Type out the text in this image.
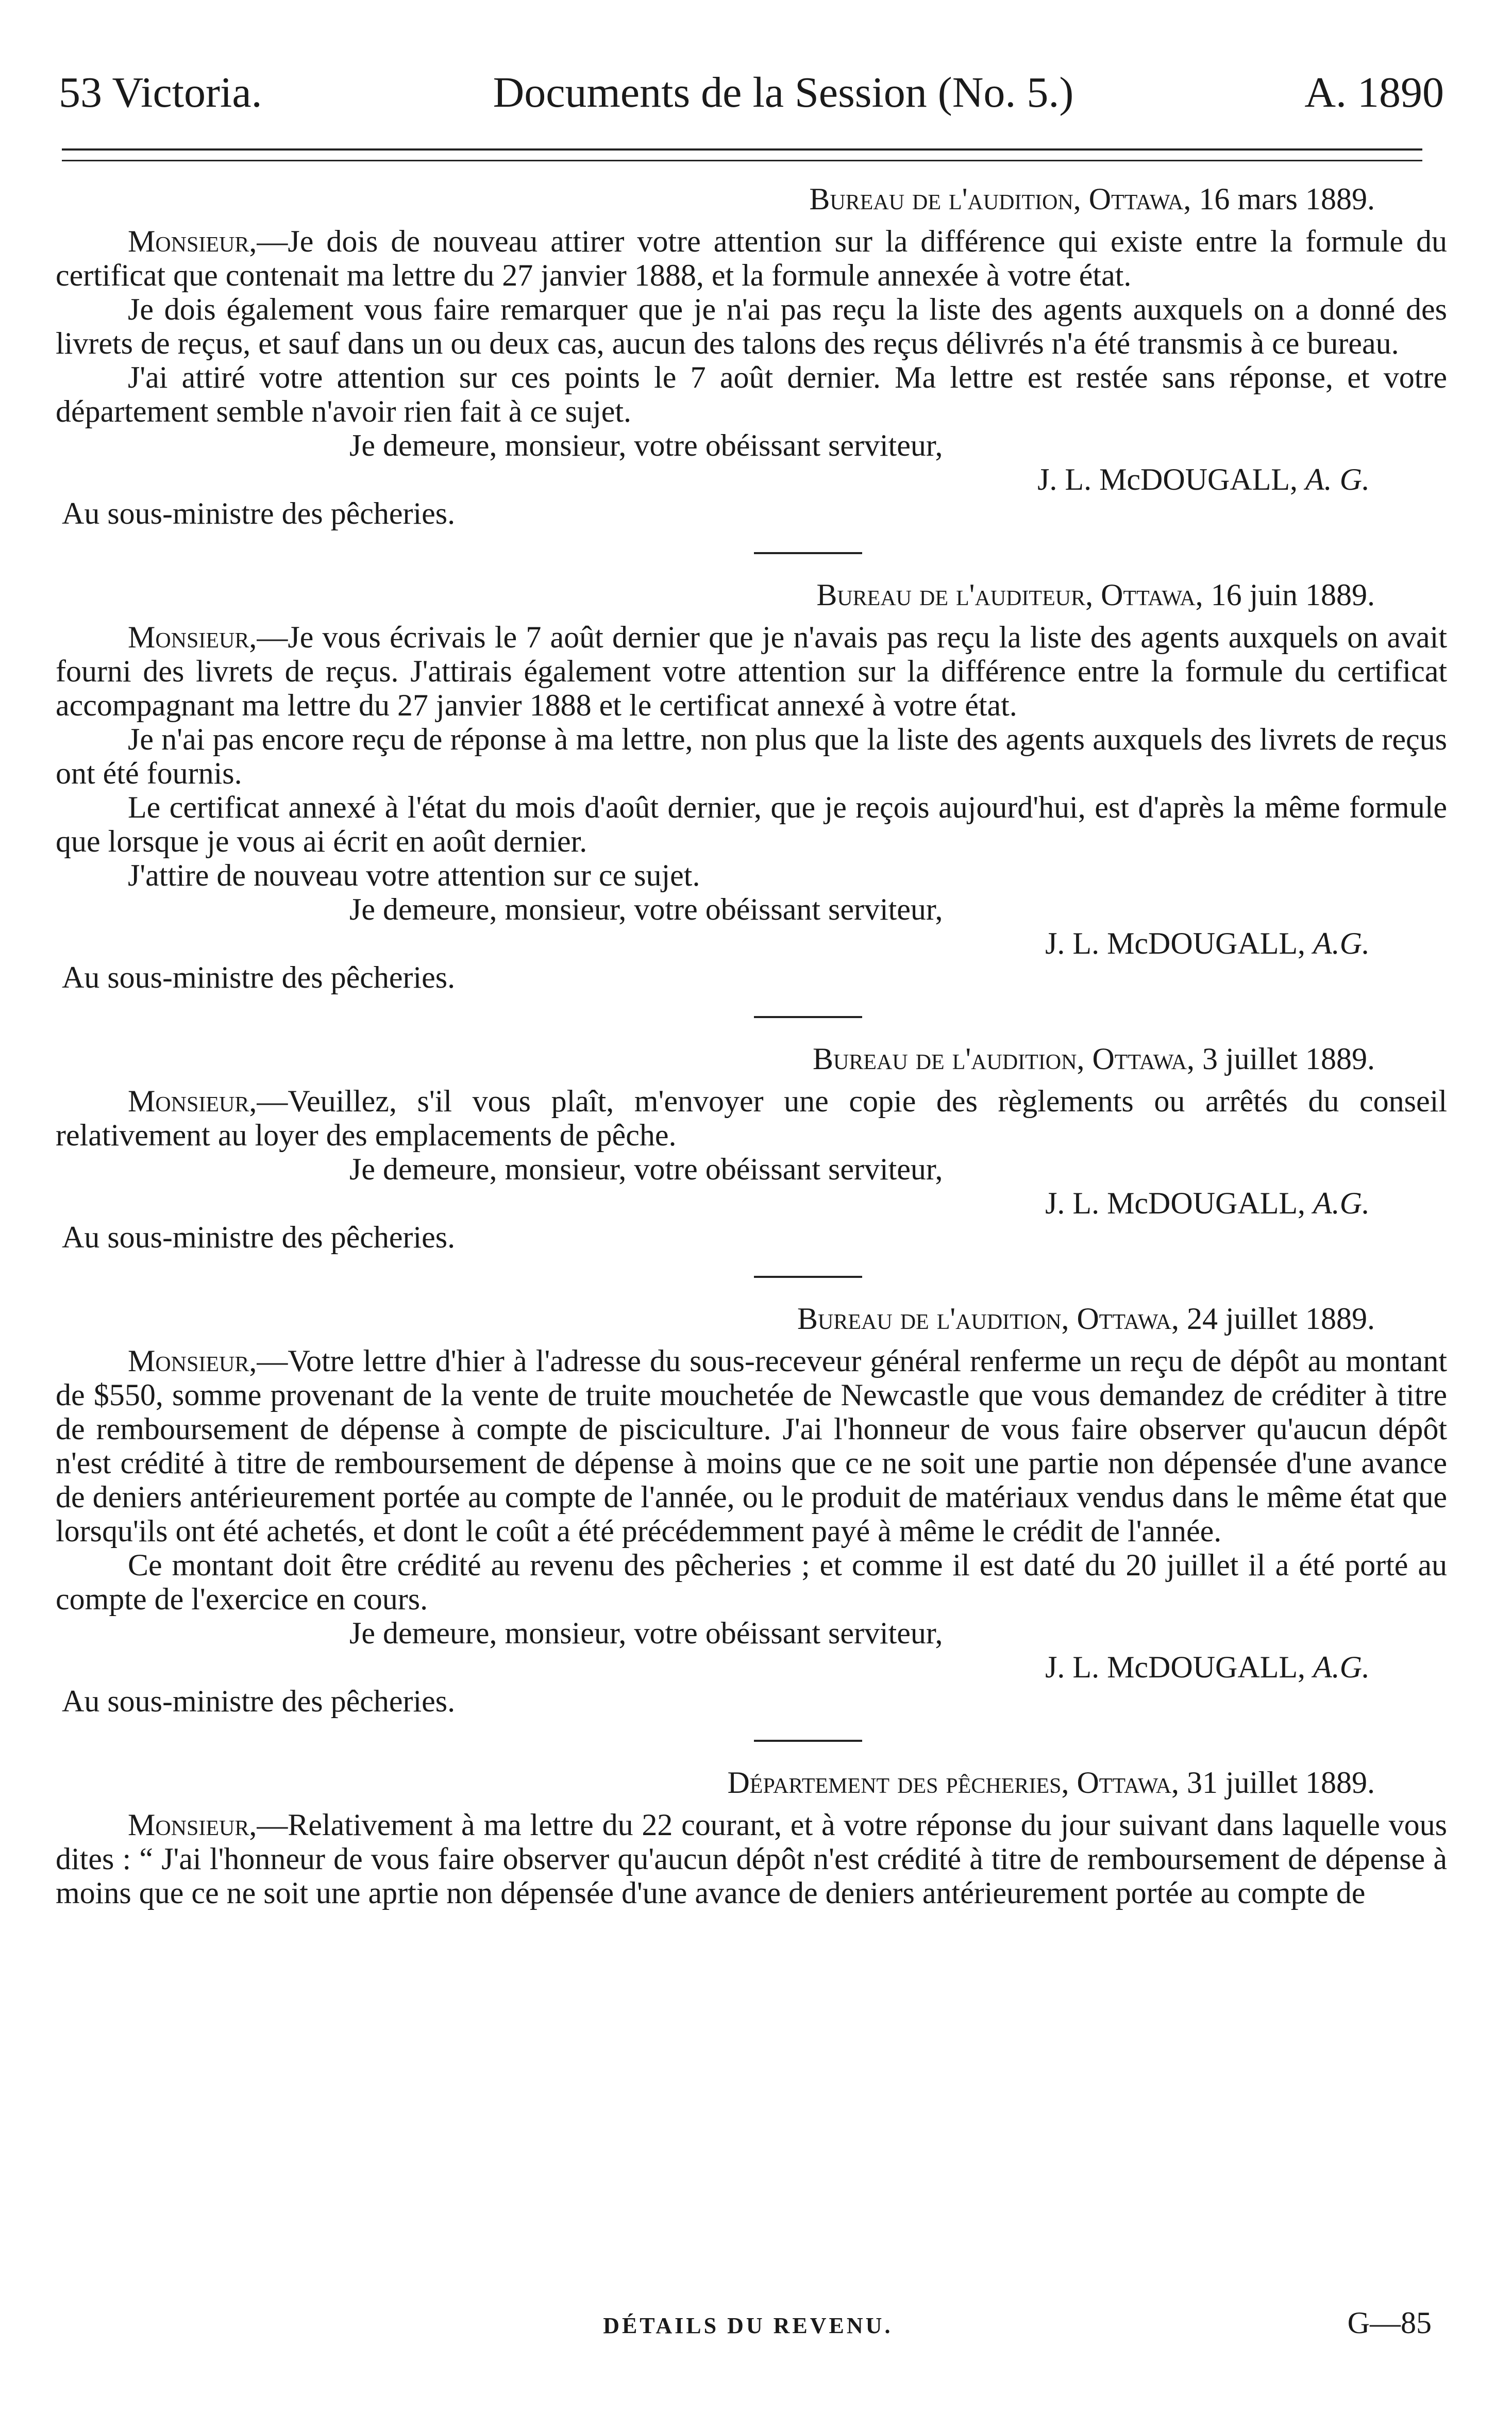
53 Victoria.	Documents de la Session (No. 5.)	A. 1890

Bureau de l'audition, Ottawa, 16 mars 1889.

Monsieur,—Je dois de nouveau attirer votre attention sur la différence qui existe entre la formule du certificat que contenait ma lettre du 27 janvier 1888, et la formule annexée à votre état.

Je dois également vous faire remarquer que je n'ai pas reçu la liste des agents auxquels on a donné des livrets de reçus, et sauf dans un ou deux cas, aucun des talons des reçus délivrés n'a été transmis à ce bureau.

J'ai attiré votre attention sur ces points le 7 août dernier. Ma lettre est restée sans réponse, et votre département semble n'avoir rien fait à ce sujet.

Je demeure, monsieur, votre obéissant serviteur,

J. L. McDOUGALL, A. G.

Au sous-ministre des pêcheries.

Bureau de l'auditeur, Ottawa, 16 juin 1889.

Monsieur,—Je vous écrivais le 7 août dernier que je n'avais pas reçu la liste des agents auxquels on avait fourni des livrets de reçus. J'attirais également votre attention sur la différence entre la formule du certificat accompagnant ma lettre du 27 janvier 1888 et le certificat annexé à votre état.

Je n'ai pas encore reçu de réponse à ma lettre, non plus que la liste des agents auxquels des livrets de reçus ont été fournis.

Le certificat annexé à l'état du mois d'août dernier, que je reçois aujourd'hui, est d'après la même formule que lorsque je vous ai écrit en août dernier.

J'attire de nouveau votre attention sur ce sujet.

Je demeure, monsieur, votre obéissant serviteur,

J. L. McDOUGALL, A.G.

Au sous-ministre des pêcheries.

Bureau de l'audition, Ottawa, 3 juillet 1889.

Monsieur,—Veuillez, s'il vous plaît, m'envoyer une copie des règlements ou arrêtés du conseil relativement au loyer des emplacements de pêche.

Je demeure, monsieur, votre obéissant serviteur,

J. L. McDOUGALL, A.G.

Au sous-ministre des pêcheries.

Bureau de l'audition, Ottawa, 24 juillet 1889.

Monsieur,—Votre lettre d'hier à l'adresse du sous-receveur général renferme un reçu de dépôt au montant de $550, somme provenant de la vente de truite mouchetée de Newcastle que vous demandez de créditer à titre de remboursement de dépense à compte de pisciculture. J'ai l'honneur de vous faire observer qu'aucun dépôt n'est crédité à titre de remboursement de dépense à moins que ce ne soit une partie non dépensée d'une avance de deniers antérieurement portée au compte de l'année, ou le produit de matériaux vendus dans le même état que lorsqu'ils ont été achetés, et dont le coût a été précédemment payé à même le crédit de l'année.

Ce montant doit être crédité au revenu des pêcheries ; et comme il est daté du 20 juillet il a été porté au compte de l'exercice en cours.

Je demeure, monsieur, votre obéissant serviteur,

J. L. McDOUGALL, A.G.

Au sous-ministre des pêcheries.

Département des pêcheries, Ottawa, 31 juillet 1889.

Monsieur,—Relativement à ma lettre du 22 courant, et à votre réponse du jour suivant dans laquelle vous dites : “ J'ai l'honneur de vous faire observer qu'aucun dépôt n'est crédité à titre de remboursement de dépense à moins que ce ne soit une aprtie non dépensée d'une avance de deniers antérieurement portée au compte de

DÉTAILS DU REVENU.	G—85
